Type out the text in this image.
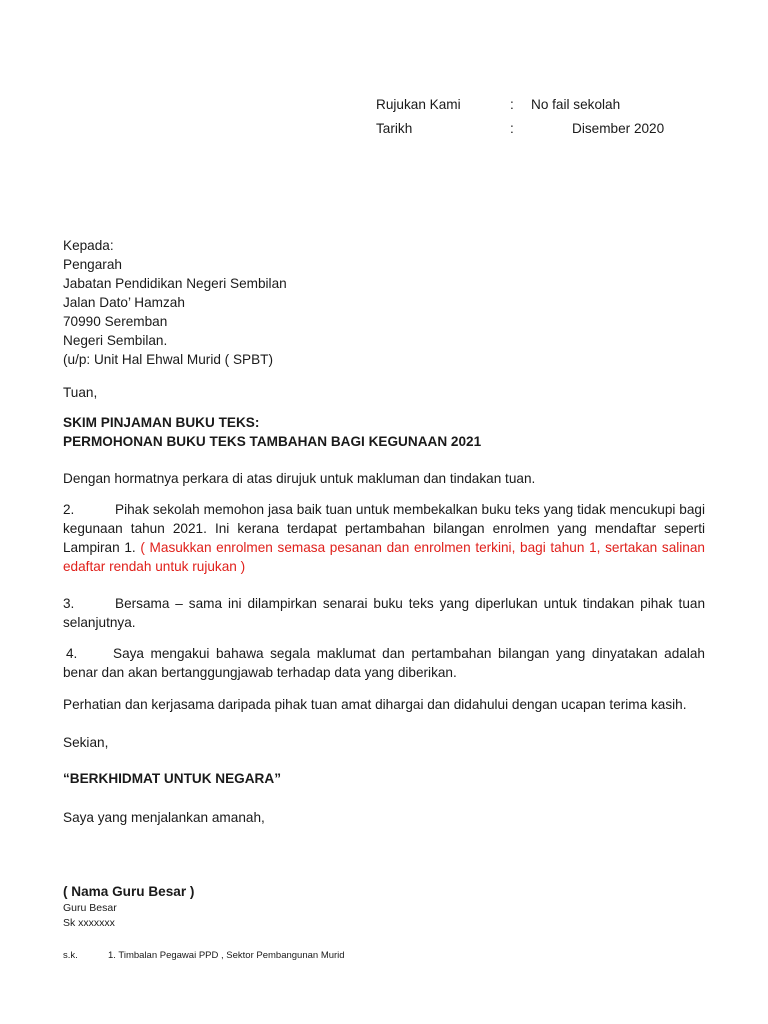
Rujukan Kami	: No fail sekolah
Tarikh	:	Disember 2020
Kepada:
Pengarah
Jabatan Pendidikan Negeri Sembilan
Jalan Dato’ Hamzah
70990 Seremban
Negeri Sembilan.
(u/p: Unit Hal Ehwal Murid ( SPBT)
Tuan,
SKIM PINJAMAN BUKU TEKS:
PERMOHONAN BUKU TEKS TAMBAHAN BAGI KEGUNAAN 2021
Dengan hormatnya perkara di atas dirujuk untuk makluman dan tindakan tuan.
2.	Pihak sekolah memohon jasa baik tuan untuk membekalkan buku teks yang tidak mencukupi bagi kegunaan tahun 2021. Ini kerana terdapat pertambahan bilangan enrolmen yang mendaftar seperti Lampiran 1. ( Masukkan enrolmen semasa pesanan dan enrolmen terkini, bagi tahun 1, sertakan salinan edaftar rendah untuk rujukan )
3.	Bersama – sama ini dilampirkan senarai buku teks yang diperlukan untuk tindakan pihak tuan selanjutnya.
4.	Saya mengakui bahawa segala maklumat dan pertambahan bilangan yang dinyatakan adalah benar dan akan bertanggungjawab terhadap data yang diberikan.
Perhatian dan kerjasama daripada pihak tuan amat dihargai dan didahului dengan ucapan terima kasih.
Sekian,
“BERKHIDMAT UNTUK NEGARA”
Saya yang menjalankan amanah,
( Nama Guru Besar )
Guru Besar
Sk xxxxxxx
s.k.	1. Timbalan Pegawai PPD , Sektor Pembangunan Murid
